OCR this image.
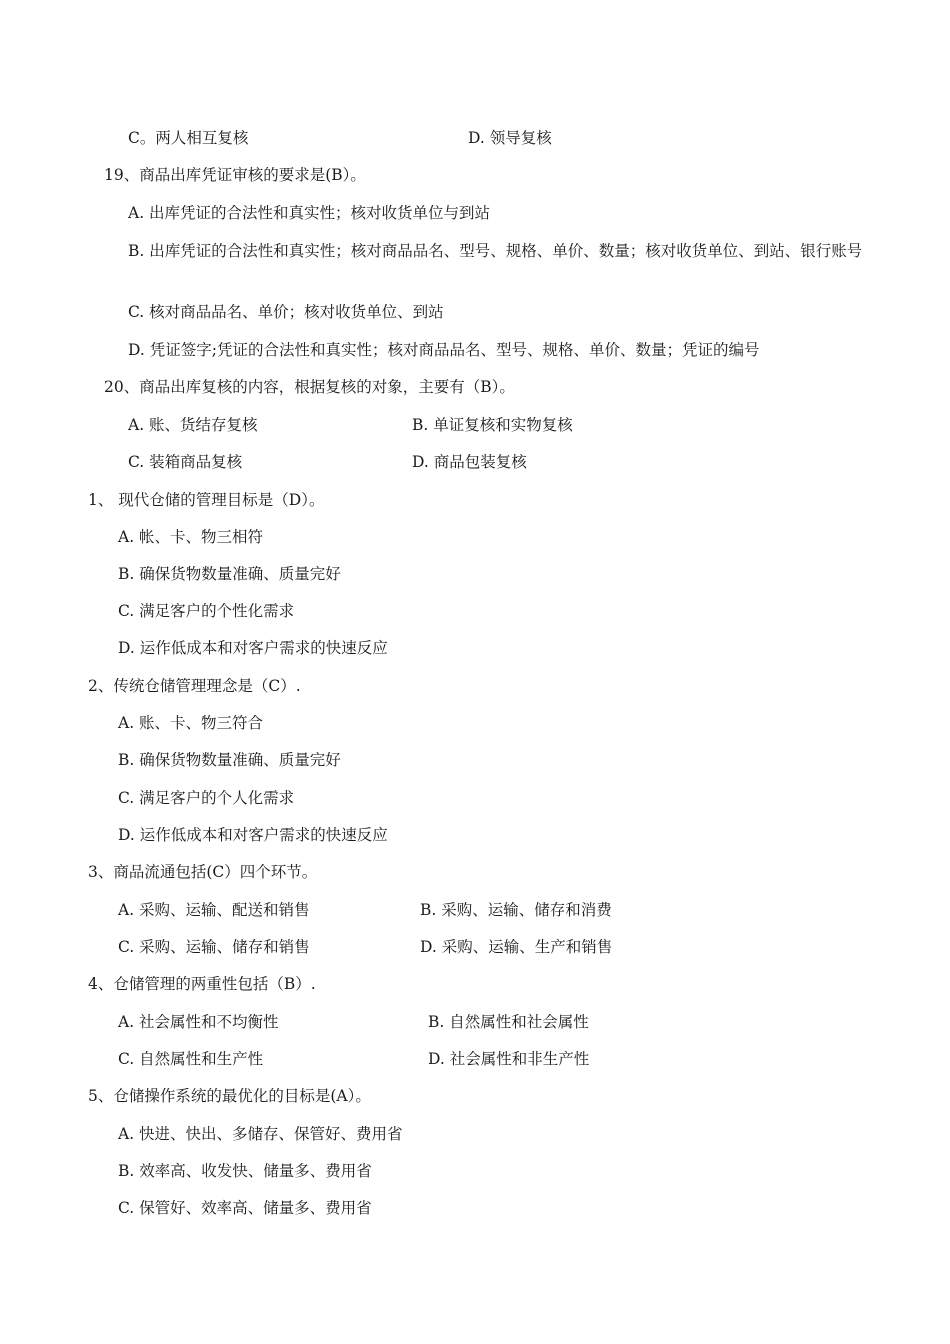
C。两人相互复核	D. 领导复核
19、商品出库凭证审核的要求是(B）。
A. 出库凭证的合法性和真实性；核对收货单位与到站
B. 出库凭证的合法性和真实性；核对商品品名、型号、规格、单价、数量；核对收货单位、到站、银行账号
C. 核对商品品名、单价；核对收货单位、到站
D. 凭证签字;凭证的合法性和真实性；核对商品品名、型号、规格、单价、数量；凭证的编号
20、商品出库复核的内容，根据复核的对象，主要有（B）。
A. 账、货结存复核	B. 单证复核和实物复核
C. 装箱商品复核	D. 商品包装复核
1、 现代仓储的管理目标是（D）。
A. 帐、卡、物三相符
B. 确保货物数量准确、质量完好
C. 满足客户的个性化需求
D. 运作低成本和对客户需求的快速反应
2、传统仓储管理理念是（C）.
A. 账、卡、物三符合
B. 确保货物数量准确、质量完好
C. 满足客户的个人化需求
D. 运作低成本和对客户需求的快速反应
3、商品流通包括(C）四个环节。
A. 采购、运输、配送和销售	B. 采购、运输、储存和消费
C. 采购、运输、储存和销售	D. 采购、运输、生产和销售
4、仓储管理的两重性包括（B）.
A. 社会属性和不均衡性	B. 自然属性和社会属性
C. 自然属性和生产性	D. 社会属性和非生产性
5、仓储操作系统的最优化的目标是(A）。
A. 快进、快出、多储存、保管好、费用省
B. 效率高、收发快、储量多、费用省
C. 保管好、效率高、储量多、费用省
